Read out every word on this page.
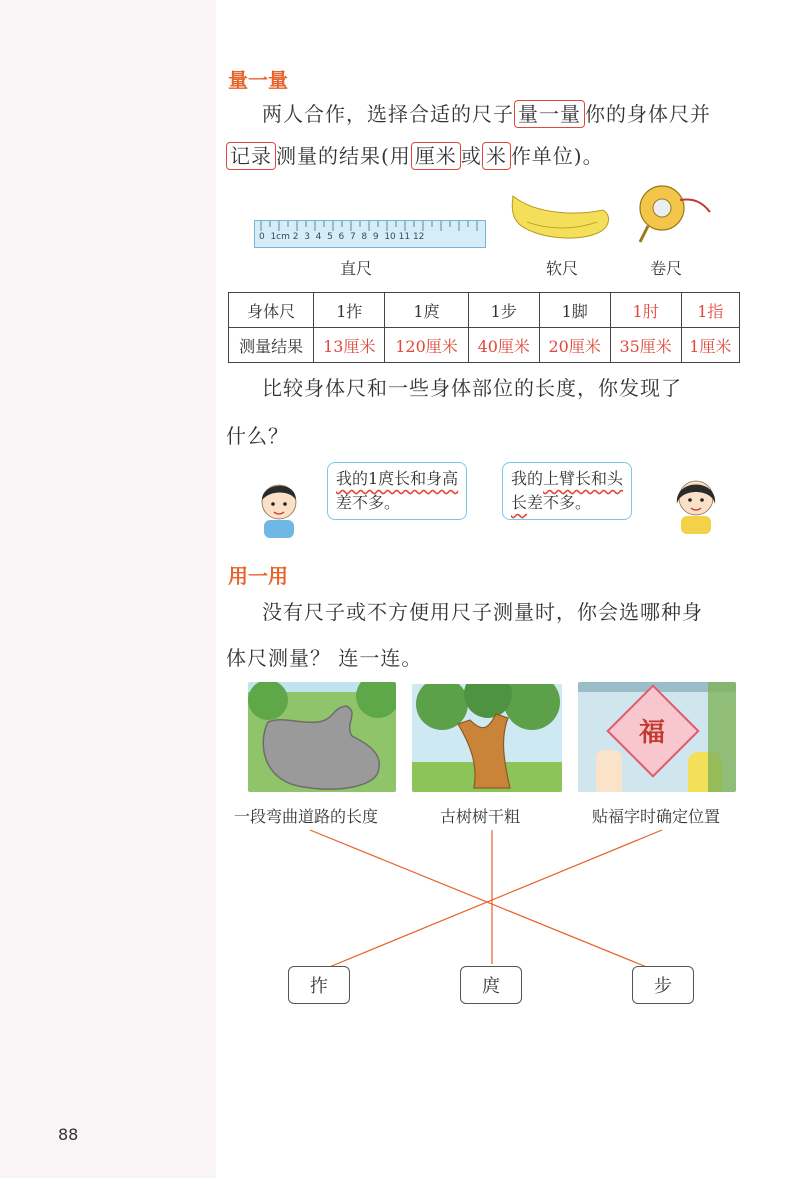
量一量
两人合作，选择合适的尺子 量一量 你的身体尺并
记录 测量的结果(用 厘米 或 米 作单位)。
0  1cm 2  3  4  5  6  7  8  9  10 11 12
直尺	软尺	卷尺
身体尺	1拃	1庹	1步	1脚	1肘	1指
测量结果	13厘米	120厘米	40厘米	20厘米	35厘米	1厘米
比较身体尺和一些身体部位的长度，你发现了
什么？
我的1庹长和身高
差不多。
我的上臂长和头
长差不多。
用一用
没有尺子或不方便用尺子测量时，你会选哪种身
体尺测量？ 连一连。
福
一段弯曲道路的长度	古树树干粗	贴福字时确定位置
拃	庹	步
88
